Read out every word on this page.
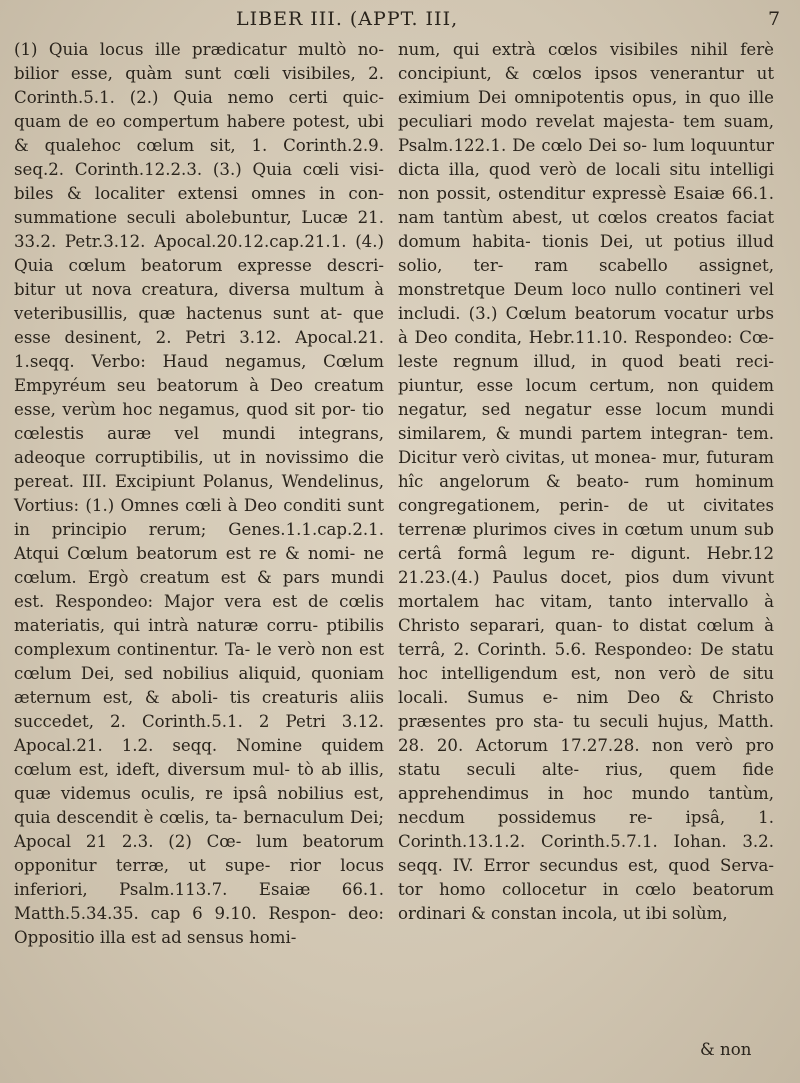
LIBER III. (APPT. III,	7

(1) Quia locus ille prædicatur multò no- bilior esse, quàm sunt cœli visibiles, 2. Corinth.5.1. (2.) Quia nemo certi quic- quam de eo compertum habere potest, ubi & qualehoc cœlum sit, 1. Corinth.2.9. seq.2. Corinth.12.2.3. (3.) Quia cœli visi- biles & localiter extensi omnes in con- summatione seculi abolebuntur, Lucæ 21. 33.2. Petr.3.12. Apocal.20.12.cap.21.1. (4.) Quia cœlum beatorum expresse descri- bitur ut nova creatura, diversa multum à veteribusillis, quæ hactenus sunt at- que esse desinent, 2. Petri 3.12. Apocal.21. 1.seqq. Verbo: Haud negamus, Cœlum Empyréum seu beatorum à Deo creatum esse, verùm hoc negamus, quod sit por- tio cœlestis auræ vel mundi integrans, adeoque corruptibilis, ut in novissimo die pereat. III. Excipiunt Polanus, Wendelinus, Vortius: (1.) Omnes cœli à Deo conditi sunt in principio rerum; Genes.1.1.cap.2.1. Atqui Cœlum beatorum est re & nomi- ne cœlum. Ergò creatum est & pars mundi est. Respondeo: Major vera est de cœlis materiatis, qui intrà naturæ corru- ptibilis complexum continentur. Ta- le verò non est cœlum Dei, sed nobilius aliquid, quoniam æternum est, & aboli- tis creaturis aliis succedet, 2. Corinth.5.1. 2 Petri 3.12. Apocal.21. 1.2. seqq. Nomine quidem cœlum est, ideft, diversum mul- tò ab illis, quæ videmus oculis, re ipsâ nobilius est, quia descendit è cœlis, ta- bernaculum Dei; Apocal 21 2.3. (2) Cœ- lum beatorum opponitur terræ, ut supe- rior locus inferiori, Psalm.113.7. Esaiæ 66.1. Matth.5.34.35. cap 6 9.10. Respon- deo: Oppositio illa est ad sensus homi-

num, qui extrà cœlos visibiles nihil ferè concipiunt, & cœlos ipsos venerantur ut eximium Dei omnipotentis opus, in quo ille peculiari modo revelat majesta- tem suam, Psalm.122.1. De cœlo Dei so- lum loquuntur dicta illa, quod verò de locali situ intelligi non possit, ostenditur expressè Esaiæ 66.1. nam tantùm abest, ut cœlos creatos faciat domum habita- tionis Dei, ut potius illud solio, ter- ram scabello assignet, monstretque Deum loco nullo contineri vel includi. (3.) Cœlum beatorum vocatur urbs à Deo condita, Hebr.11.10. Respondeo: Cœ- leste regnum illud, in quod beati reci- piuntur, esse locum certum, non quidem negatur, sed negatur esse locum mundi similarem, & mundi partem integran- tem. Dicitur verò civitas, ut monea- mur, futuram hîc angelorum & beato- rum hominum congregationem, perin- de ut civitates terrenæ plurimos cives in cœtum unum sub certâ formâ legum re- digunt. Hebr.12 21.23.(4.) Paulus docet, pios dum vivunt mortalem hac vitam, tanto intervallo à Christo separari, quan- to distat cœlum à terrâ, 2. Corinth. 5.6. Respondeo: De statu hoc intelligendum est, non verò de situ locali. Sumus e- nim Deo & Christo præsentes pro sta- tu seculi hujus, Matth. 28. 20. Actorum 17.27.28. non verò pro statu seculi alte- rius, quem fide apprehendimus in hoc mundo tantùm, necdum possidemus re- ipsâ, 1. Corinth.13.1.2. Corinth.5.7.1. Iohan. 3.2. seqq. IV. Error secundus est, quod Serva- tor homo collocetur in cœlo beatorum ordinari & constan incola, ut ibi solùm,

& non
